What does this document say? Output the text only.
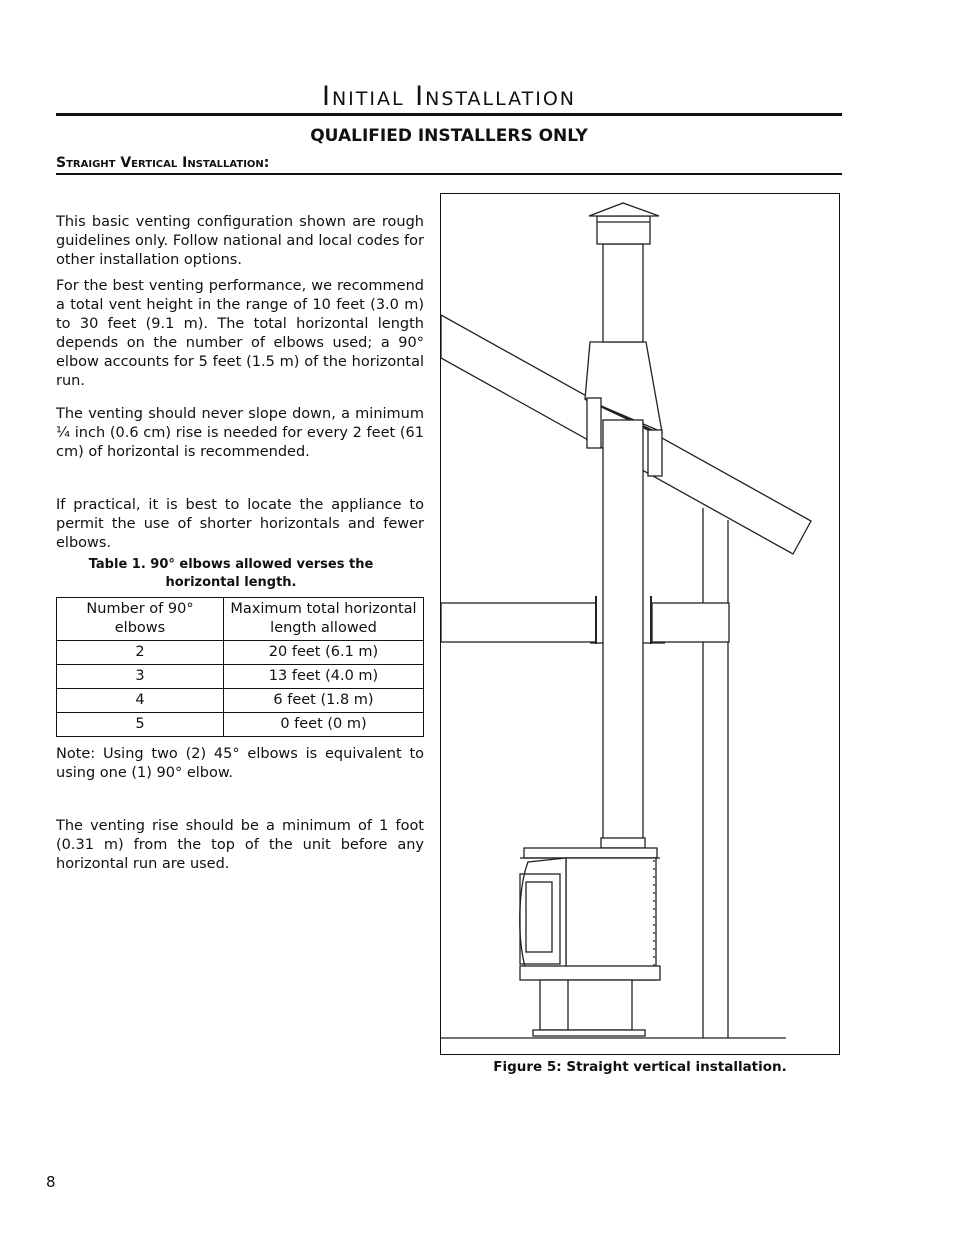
Initial Installation
QUALIFIED INSTALLERS ONLY
Straight Vertical Installation:

This basic venting configuration shown are rough guidelines only. Follow national and local codes for other installation options.

For the best venting performance, we recommend a total vent height in the range of 10 feet (3.0 m) to 30 feet (9.1 m). The total horizontal length depends on the number of elbows used; a 90° elbow accounts for 5 feet (1.5 m) of the horizontal run.

The venting should never slope down, a minimum ¼ inch (0.6 cm) rise is needed for every 2 feet (61 cm) of horizontal is recommended.

If practical, it is best to locate the appliance to permit the use of shorter horizontals and fewer elbows.

Table 1. 90° elbows allowed verses the
horizontal length.
Number of 90° elbows	Maximum total horizontal length allowed
2	20 feet (6.1 m)
3	13 feet (4.0 m)
4	6 feet (1.8 m)
5	0 feet (0 m)

Note: Using two (2) 45° elbows is equivalent to using one (1) 90° elbow.

The venting rise should be a minimum of 1 foot (0.31 m) from the top of the unit before any horizontal run are used.

Figure 5: Straight vertical installation.

8
